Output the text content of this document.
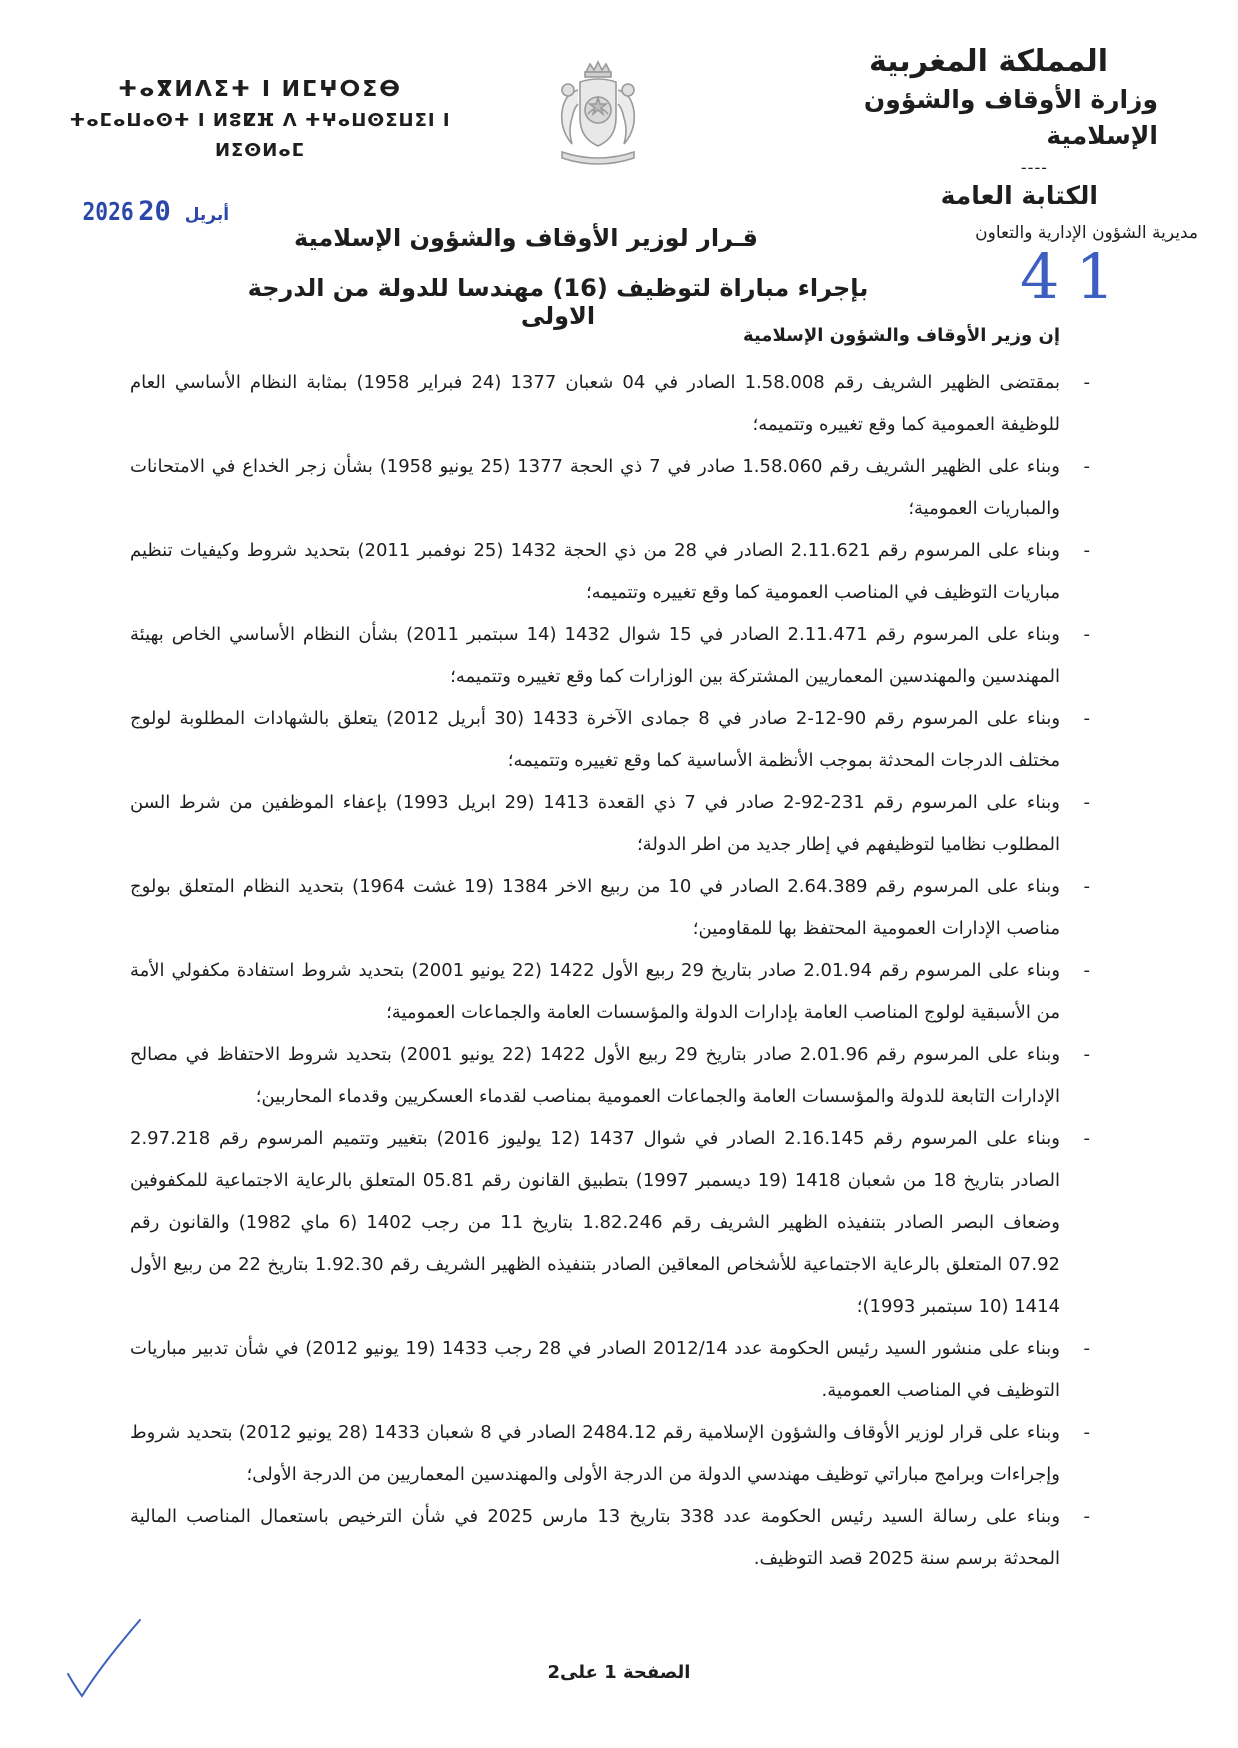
المملكة المغربية
وزارة الأوقاف والشؤون الإسلامية
----
الكتابة العامة
مديرية الشؤون الإدارية والتعاون
ⵜⴰⴳⵍⴷⵉⵜ ⵏ ⵍⵎⵖⵔⵉⴱ
ⵜⴰⵎⴰⵡⴰⵙⵜ ⵏ ⵍⵓⵇⴼ ⴷ ⵜⵖⴰⵡⵙⵉⵡⵉⵏ ⵏ ⵍⵉⵙⵍⴰⵎ
2026	أبريل20
41
قـرار لوزير الأوقاف والشؤون الإسلامية
بإجراء مباراة لتوظيف (16) مهندسا للدولة من الدرجة الاولى
إن وزير الأوقاف والشؤون الإسلامية
-
بمقتضى الظهير الشريف رقم 1.58.008 الصادر في 04 شعبان 1377 (24 فبراير 1958) بمثابة النظام الأساسي العام للوظيفة العمومية كما وقع تغييره وتتميمه؛
-
وبناء على الظهير الشريف رقم 1.58.060 صادر في 7 ذي الحجة 1377 (25 يونيو 1958) بشأن زجر الخداع في الامتحانات والمباريات العمومية؛
-
وبناء على المرسوم رقم 2.11.621 الصادر في 28 من ذي الحجة 1432 (25 نوفمبر 2011) بتحديد شروط وكيفيات تنظيم مباريات التوظيف في المناصب العمومية كما وقع تغييره وتتميمه؛
-
وبناء على المرسوم رقم 2.11.471 الصادر في 15 شوال 1432 (14 سبتمبر 2011) بشأن النظام الأساسي الخاص بهيئة المهندسين والمهندسين المعماريين المشتركة بين الوزارات كما وقع تغييره وتتميمه؛
-
وبناء على المرسوم رقم 90-12-2 صادر في 8 جمادى الآخرة 1433 (30 أبريل 2012) يتعلق بالشهادات المطلوبة لولوج مختلف الدرجات المحدثة بموجب الأنظمة الأساسية كما وقع تغييره وتتميمه؛
-
وبناء على المرسوم رقم 231-92-2 صادر في 7 ذي القعدة 1413 (29 ابريل 1993) بإعفاء الموظفين من شرط السن المطلوب نظاميا لتوظيفهم في إطار جديد من اطر الدولة؛
-
وبناء على المرسوم رقم 2.64.389 الصادر في 10 من ربيع الاخر 1384 (19 غشت 1964) بتحديد النظام المتعلق بولوج مناصب الإدارات العمومية المحتفظ بها للمقاومين؛
-
وبناء على المرسوم رقم 2.01.94 صادر بتاريخ 29 ربيع الأول 1422 (22 يونيو 2001) بتحديد شروط استفادة مكفولي الأمة من الأسبقية لولوج المناصب العامة بإدارات الدولة والمؤسسات العامة والجماعات العمومية؛
-
وبناء على المرسوم رقم 2.01.96 صادر بتاريخ 29 ربيع الأول 1422 (22 يونيو 2001) بتحديد شروط الاحتفاظ في مصالح الإدارات التابعة للدولة والمؤسسات العامة والجماعات العمومية بمناصب لقدماء العسكريين وقدماء المحاربين؛
-
وبناء على المرسوم رقم 2.16.145 الصادر في شوال 1437 (12 يوليوز 2016) بتغيير وتتميم المرسوم رقم 2.97.218 الصادر بتاريخ 18 من شعبان 1418 (19 ديسمبر 1997) بتطبيق القانون رقم 05.81 المتعلق بالرعاية الاجتماعية للمكفوفين وضعاف البصر الصادر بتنفيذه الظهير الشريف رقم 1.82.246 بتاريخ 11 من رجب 1402 (6 ماي 1982) والقانون رقم 07.92 المتعلق بالرعاية الاجتماعية للأشخاص المعاقين الصادر بتنفيذه الظهير الشريف رقم 1.92.30 بتاريخ 22 من ربيع الأول 1414 (10 سبتمبر 1993)؛
-
وبناء على منشور السيد رئيس الحكومة عدد 2012/14 الصادر في 28 رجب 1433 (19 يونيو 2012) في شأن تدبير مباريات التوظيف في المناصب العمومية.
-
وبناء على قرار لوزير الأوقاف والشؤون الإسلامية رقم 2484.12 الصادر في 8 شعبان 1433 (28 يونيو 2012) بتحديد شروط وإجراءات وبرامج مباراتي توظيف مهندسي الدولة من الدرجة الأولى والمهندسين المعماريين من الدرجة الأولى؛
-
وبناء على رسالة السيد رئيس الحكومة عدد 338 بتاريخ 13 مارس 2025 في شأن الترخيص باستعمال المناصب المالية المحدثة برسم سنة 2025 قصد التوظيف.
الصفحة 1 على2
